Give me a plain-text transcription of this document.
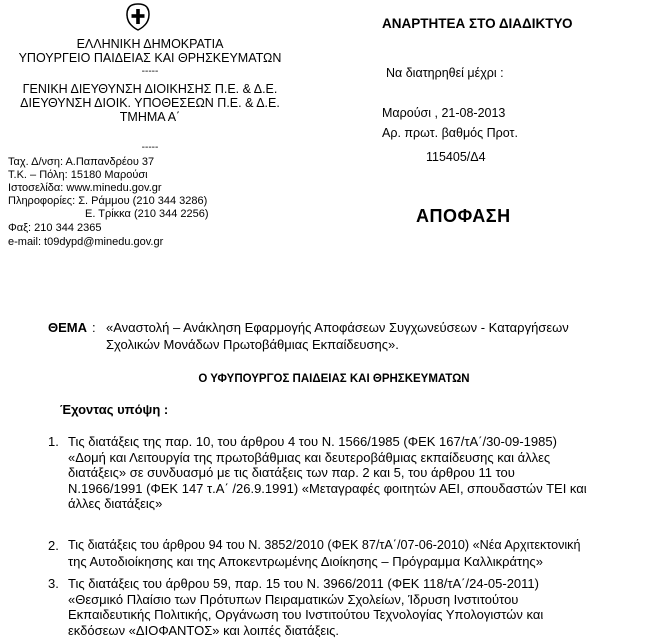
ΕΛΛΗΝΙΚΗ ΔΗΜΟΚΡΑΤΙΑ
ΥΠΟΥΡΓΕΙΟ ΠΑΙΔΕΙΑΣ ΚΑΙ ΘΡΗΣΚΕΥΜΑΤΩΝ
-----
ΓΕΝΙΚΗ ΔΙΕΥΘΥΝΣΗ ΔΙΟΙΚΗΣΗΣ Π.Ε. & Δ.Ε.
ΔΙΕΥΘΥΝΣΗ ΔΙΟΙΚ. ΥΠΟΘΕΣΕΩΝ Π.Ε. & Δ.Ε.
ΤΜΗΜΑ Α΄
-----
Ταχ. Δ/νση: Α.Παπανδρέου 37
Τ.Κ. – Πόλη: 15180 Μαρούσι
Ιστοσελίδα: www.minedu.gov.gr
Πληροφορίες: Σ. Ράμμου (210 344 3286)
Ε. Τρίκκα (210 344 2256)
Φαξ: 210 344 2365
e-mail: t09dypd@minedu.gov.gr
ΑΝΑΡΤΗΤΕΑ ΣΤΟ ΔΙΑΔΙΚΤΥΟ
Να διατηρηθεί μέχρι :
Μαρούσι , 21-08-2013
Αρ. πρωτ. βαθμός Προτ.
115405/Δ4
ΑΠΟΦΑΣΗ
ΘΕΜΑ : «Αναστολή – Ανάκληση Εφαρμογής Αποφάσεων Συγχωνεύσεων - Καταργήσεων
Σχολικών Μονάδων Πρωτοβάθμιας Εκπαίδευσης».
Ο ΥΦΥΠΟΥΡΓΟΣ ΠΑΙΔΕΙΑΣ ΚΑΙ ΘΡΗΣΚΕΥΜΑΤΩΝ
Έχοντας υπόψη :
1. Τις διατάξεις της παρ. 10, του άρθρου 4 του Ν. 1566/1985 (ΦΕΚ 167/τΑ΄/30-09-1985)
«Δομή και Λειτουργία της πρωτοβάθμιας και δευτεροβάθμιας εκπαίδευσης και άλλες
διατάξεις» σε συνδυασμό με τις διατάξεις των παρ. 2 και 5, του άρθρου 11 του
Ν.1966/1991 (ΦΕΚ 147 τ.Α΄ /26.9.1991) «Μεταγραφές φοιτητών ΑΕΙ, σπουδαστών ΤΕΙ και
άλλες διατάξεις»
2. Τις διατάξεις του άρθρου 94 του Ν. 3852/2010 (ΦΕΚ 87/τΑ΄/07-06-2010) «Νέα Αρχιτεκτονική
της Αυτοδιοίκησης και της Αποκεντρωμένης Διοίκησης – Πρόγραμμα Καλλικράτης»
3. Τις διατάξεις του άρθρου 59, παρ. 15 του Ν. 3966/2011 (ΦΕΚ 118/τΑ΄/24-05-2011)
«Θεσμικό Πλαίσιο των Πρότυπων Πειραματικών Σχολείων, Ίδρυση Ινστιτούτου
Εκπαιδευτικής Πολιτικής, Οργάνωση του Ινστιτούτου Τεχνολογίας Υπολογιστών και
εκδόσεων «ΔΙΟΦΑΝΤΟΣ» και λοιπές διατάξεις.
